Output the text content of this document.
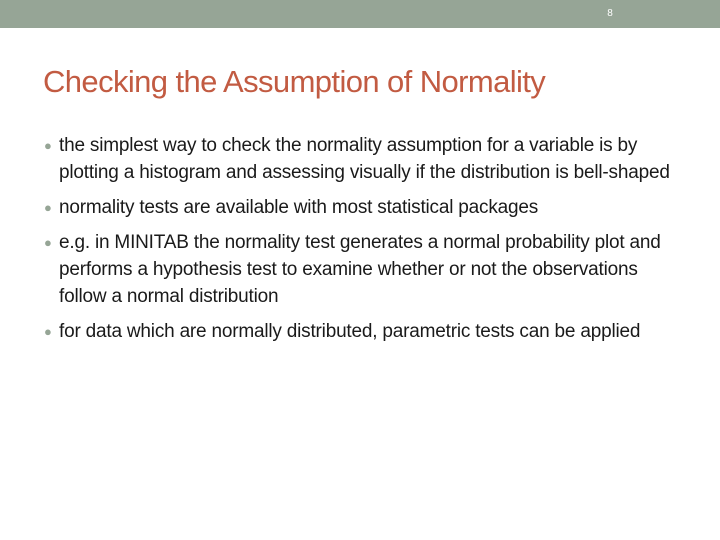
8
Checking the Assumption of Normality
● the simplest way to check the normality assumption for a variable is by plotting a histogram and assessing visually if the distribution is bell-shaped
● normality tests are available with most statistical packages
● e.g. in MINITAB the normality test generates a normal probability plot and performs a hypothesis test to examine whether or not the observations follow a normal distribution
● for data which are normally distributed, parametric tests can be applied
